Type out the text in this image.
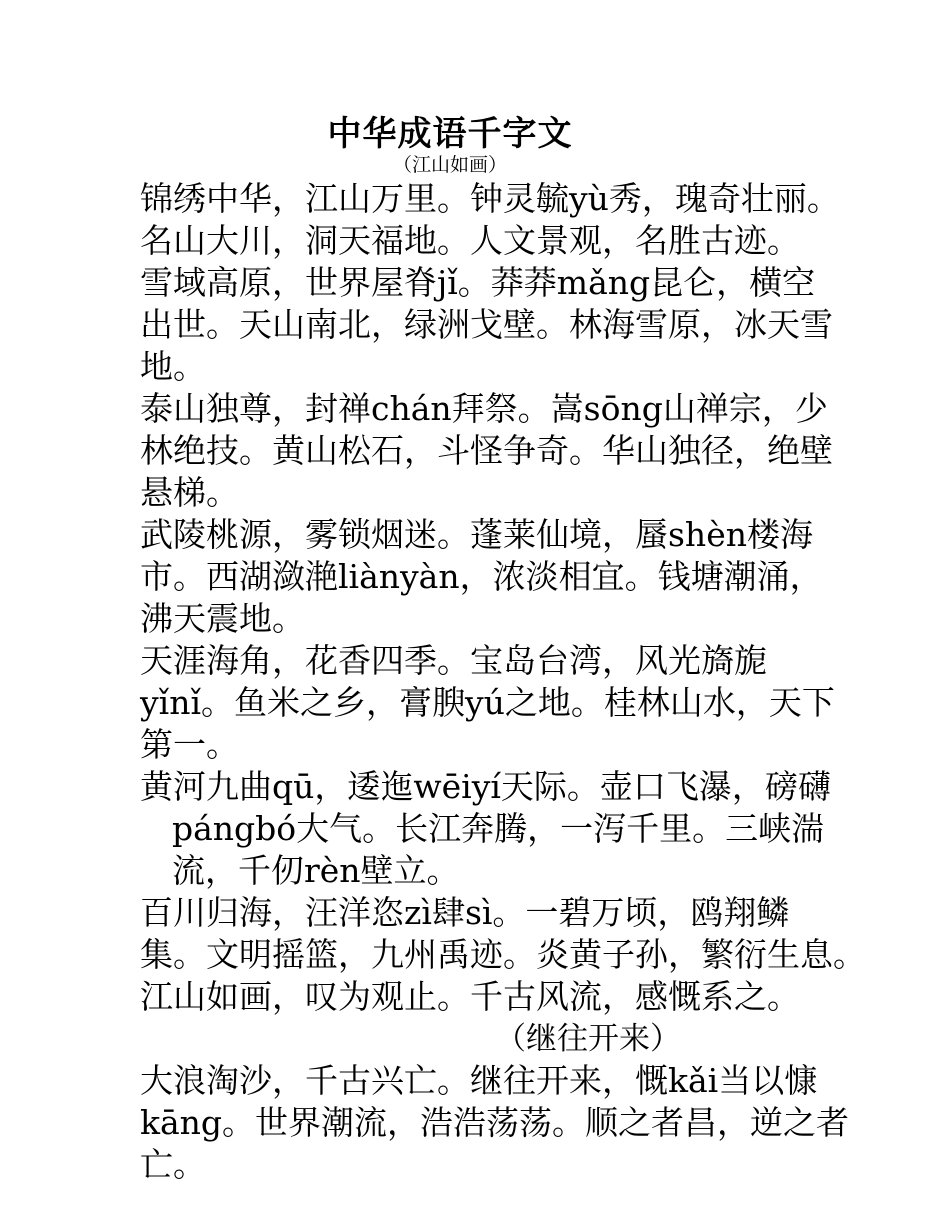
中华成语千字文
（江山如画）

锦绣中华，江山万里。钟灵毓yù秀，瑰奇壮丽。

名山大川，洞天福地。人文景观，名胜古迹。

雪域高原，世界屋脊jǐ。莽莽mǎng昆仑，横空

出世。天山南北，绿洲戈壁。林海雪原，冰天雪

地。

泰山独尊，封禅chán拜祭。嵩sōng山禅宗，少

林绝技。黄山松石，斗怪争奇。华山独径，绝壁

悬梯。

武陵桃源，雾锁烟迷。蓬莱仙境，蜃shèn楼海

市。西湖潋滟liànyàn，浓淡相宜。钱塘潮涌，

沸天震地。

天涯海角，花香四季。宝岛台湾，风光旖旎

yǐnǐ。鱼米之乡，膏腴yú之地。桂林山水，天下

第一。

黄河九曲qū，逶迤wēiyí天际。壶口飞瀑，磅礴

pángbó大气。长江奔腾，一泻千里。三峡湍

流，千仞rèn壁立。

百川归海，汪洋恣zì肆sì。一碧万顷，鸥翔鳞

集。文明摇篮，九州禹迹。炎黄子孙，繁衍生息。

江山如画，叹为观止。千古风流，感慨系之。

（继往开来）

大浪淘沙，千古兴亡。继往开来，慨kǎi当以慷

kāng。世界潮流，浩浩荡荡。顺之者昌，逆之者

亡。
